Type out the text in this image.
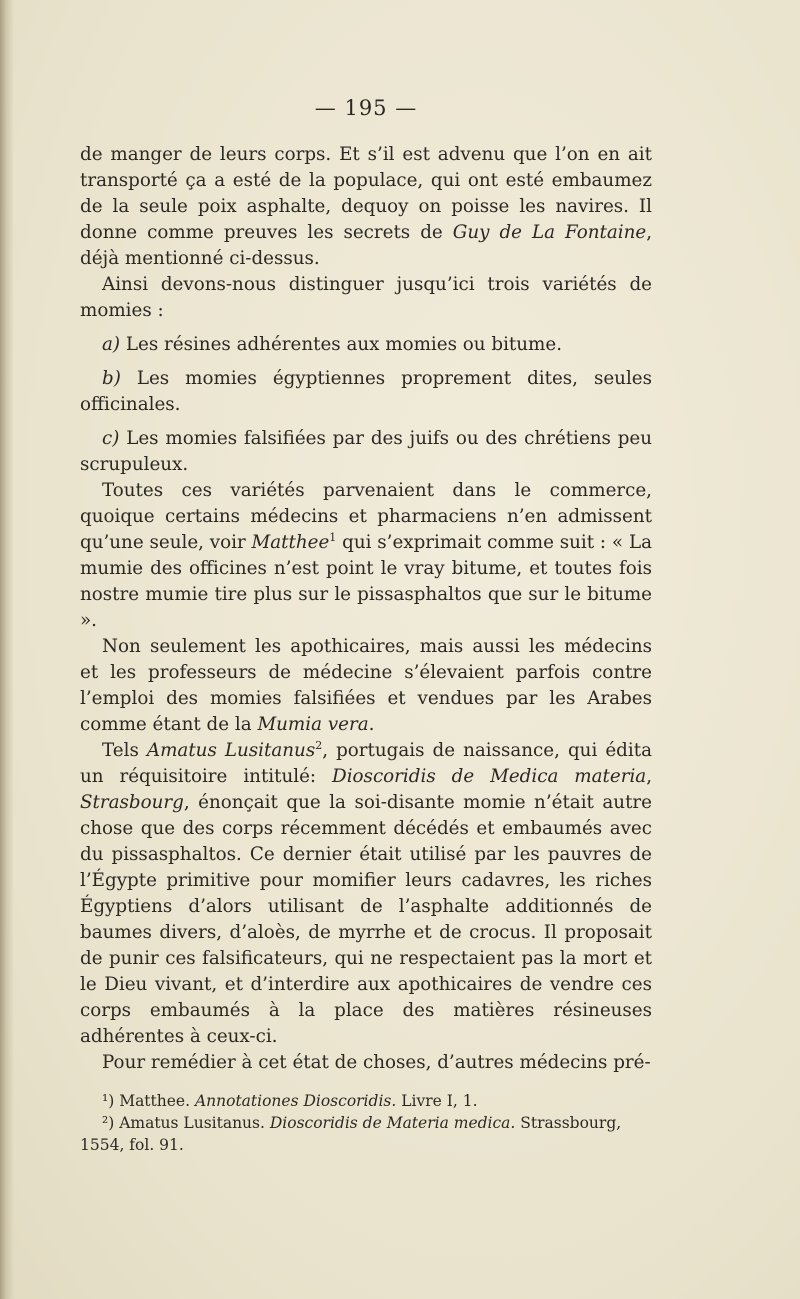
— 195 —

de manger de leurs corps. Et s’il est advenu que l’on en ait transporté ça a esté de la populace, qui ont esté embaumez de la seule poix asphalte, dequoy on poisse les navires. Il donne comme preuves les secrets de Guy de La Fontaine, déjà mentionné ci-dessus.

Ainsi devons-nous distinguer jusqu’ici trois variétés de momies :

a) Les résines adhérentes aux momies ou bitume.

b) Les momies égyptiennes proprement dites, seules officinales.

c) Les momies falsifiées par des juifs ou des chrétiens peu scrupuleux.

Toutes ces variétés parvenaient dans le commerce, quoique certains médecins et pharmaciens n’en admissent qu’une seule, voir Matthee$^1$ qui s’exprimait comme suit : « La mumie des officines n’est point le vray bitume, et toutes fois nostre mumie tire plus sur le pissasphaltos que sur le bitume ».

Non seulement les apothicaires, mais aussi les médecins et les professeurs de médecine s’élevaient parfois contre l’emploi des momies falsifiées et vendues par les Arabes comme étant de la Mumia vera.

Tels Amatus Lusitanus$^2$, portugais de naissance, qui édita un réquisitoire intitulé: Dioscoridis de Medica materia, Strasbourg, énonçait que la soi-disante momie n’était autre chose que des corps récemment décédés et embaumés avec du pissasphaltos. Ce dernier était utilisé par les pauvres de l’Égypte primitive pour momifier leurs cadavres, les riches Égyptiens d’alors utilisant de l’asphalte additionnés de baumes divers, d’aloès, de myrrhe et de crocus. Il proposait de punir ces falsificateurs, qui ne respectaient pas la mort et le Dieu vivant, et d’interdire aux apothicaires de vendre ces corps embaumés à la place des matières résineuses adhérentes à ceux-ci.

Pour remédier à cet état de choses, d’autres médecins pré-

¹) Matthee. Annotationes Dioscoridis. Livre I, 1.

²) Amatus Lusitanus. Dioscoridis de Materia medica. Strassbourg, 1554, fol. 91.
